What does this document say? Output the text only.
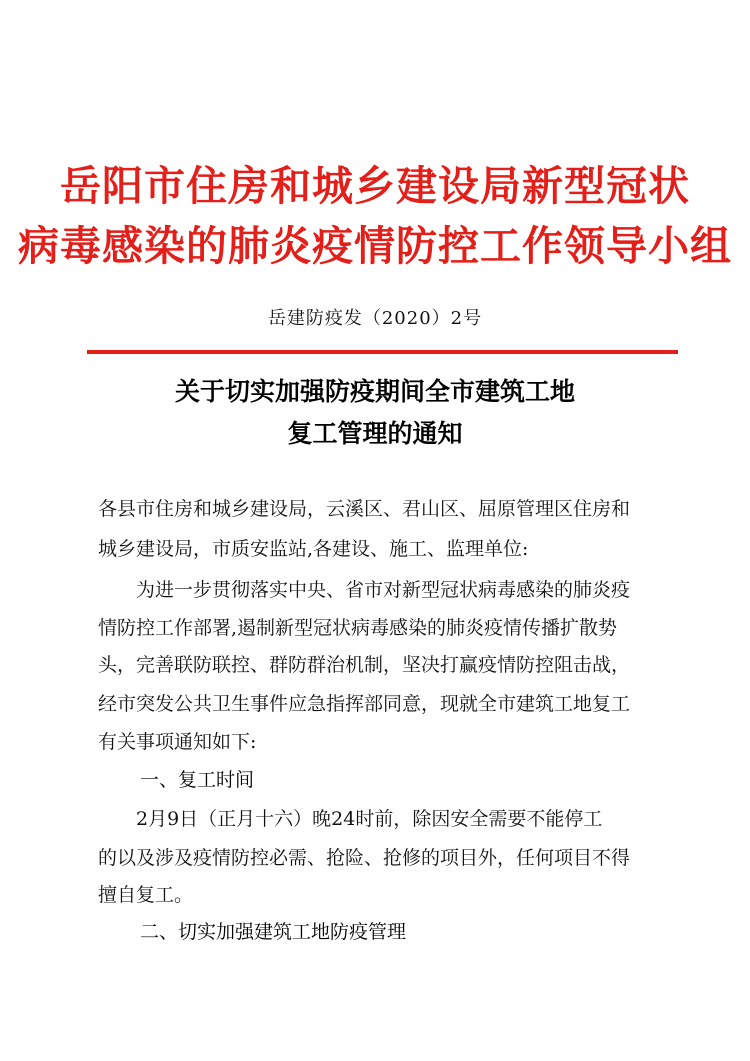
岳阳市住房和城乡建设局新型冠状
病毒感染的肺炎疫情防控工作领导小组
岳建防疫发（2020）2号
关于切实加强防疫期间全市建筑工地
复工管理的通知

各县市住房和城乡建设局，云溪区、君山区、屈原管理区住房和

城乡建设局，市质安监站,各建设、施工、监理单位:

　　为进一步贯彻落实中央、省市对新型冠状病毒感染的肺炎疫

情防控工作部署,遏制新型冠状病毒感染的肺炎疫情传播扩散势

头，完善联防联控、群防群治机制，坚决打赢疫情防控阻击战，

经市突发公共卫生事件应急指挥部同意，现就全市建筑工地复工

有关事项通知如下:

一、复工时间

　　2月9日（正月十六）晚24时前，除因安全需要不能停工

的以及涉及疫情防控必需、抢险、抢修的项目外，任何项目不得

擅自复工。

二、切实加强建筑工地防疫管理
